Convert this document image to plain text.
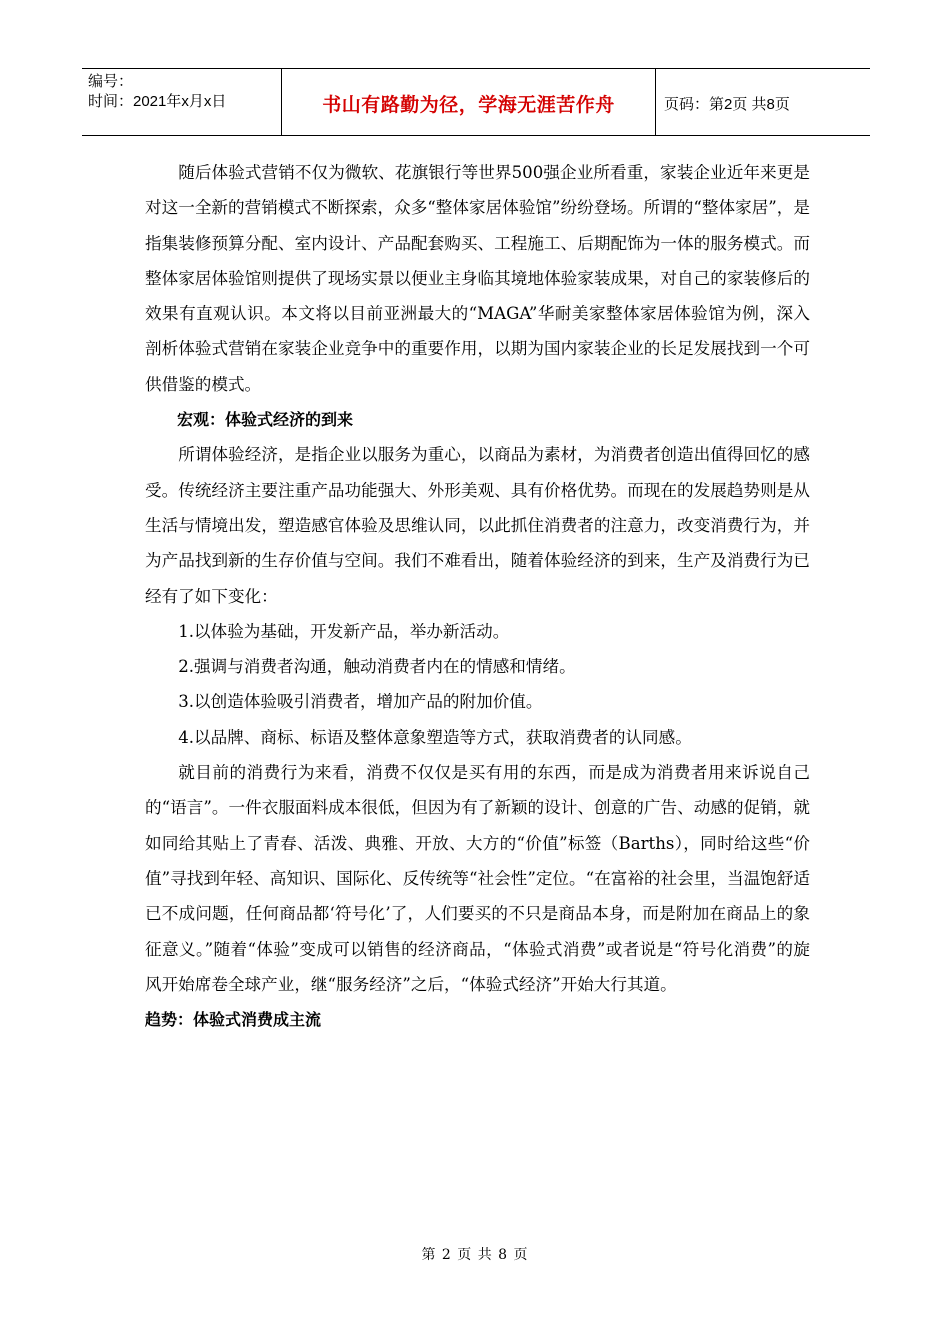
编号：
时间：2021年x月x日	书山有路勤为径，学海无涯苦作舟	页码：第2页 共8页

随后体验式营销不仅为微软、花旗银行等世界500强企业所看重，家装企业近年来更是对这一全新的营销模式不断探索，众多“整体家居体验馆”纷纷登场。所谓的“整体家居”，是指集装修预算分配、室内设计、产品配套购买、工程施工、后期配饰为一体的服务模式。而整体家居体验馆则提供了现场实景以便业主身临其境地体验家装成果，对自己的家装修后的效果有直观认识。本文将以目前亚洲最大的“MAGA”华耐美家整体家居体验馆为例，深入剖析体验式营销在家装企业竞争中的重要作用，以期为国内家装企业的长足发展找到一个可供借鉴的模式。

宏观：体验式经济的到来

所谓体验经济，是指企业以服务为重心，以商品为素材，为消费者创造出值得回忆的感受。传统经济主要注重产品功能强大、外形美观、具有价格优势。而现在的发展趋势则是从生活与情境出发，塑造感官体验及思维认同，以此抓住消费者的注意力，改变消费行为，并为产品找到新的生存价值与空间。我们不难看出，随着体验经济的到来，生产及消费行为已经有了如下变化：

1.以体验为基础，开发新产品，举办新活动。

2.强调与消费者沟通，触动消费者内在的情感和情绪。

3.以创造体验吸引消费者，增加产品的附加价值。

4.以品牌、商标、标语及整体意象塑造等方式，获取消费者的认同感。

就目前的消费行为来看，消费不仅仅是买有用的东西，而是成为消费者用来诉说自己的“语言”。一件衣服面料成本很低，但因为有了新颖的设计、创意的广告、动感的促销，就如同给其贴上了青春、活泼、典雅、开放、大方的“价值”标签（Barths），同时给这些“价值”寻找到年轻、高知识、国际化、反传统等“社会性”定位。“在富裕的社会里，当温饱舒适已不成问题，任何商品都‘符号化’了，人们要买的不只是商品本身，而是附加在商品上的象征意义。”随着“体验”变成可以销售的经济商品，“体验式消费”或者说是“符号化消费”的旋风开始席卷全球产业，继“服务经济”之后，“体验式经济”开始大行其道。

趋势：体验式消费成主流

第 2 页 共 8 页
